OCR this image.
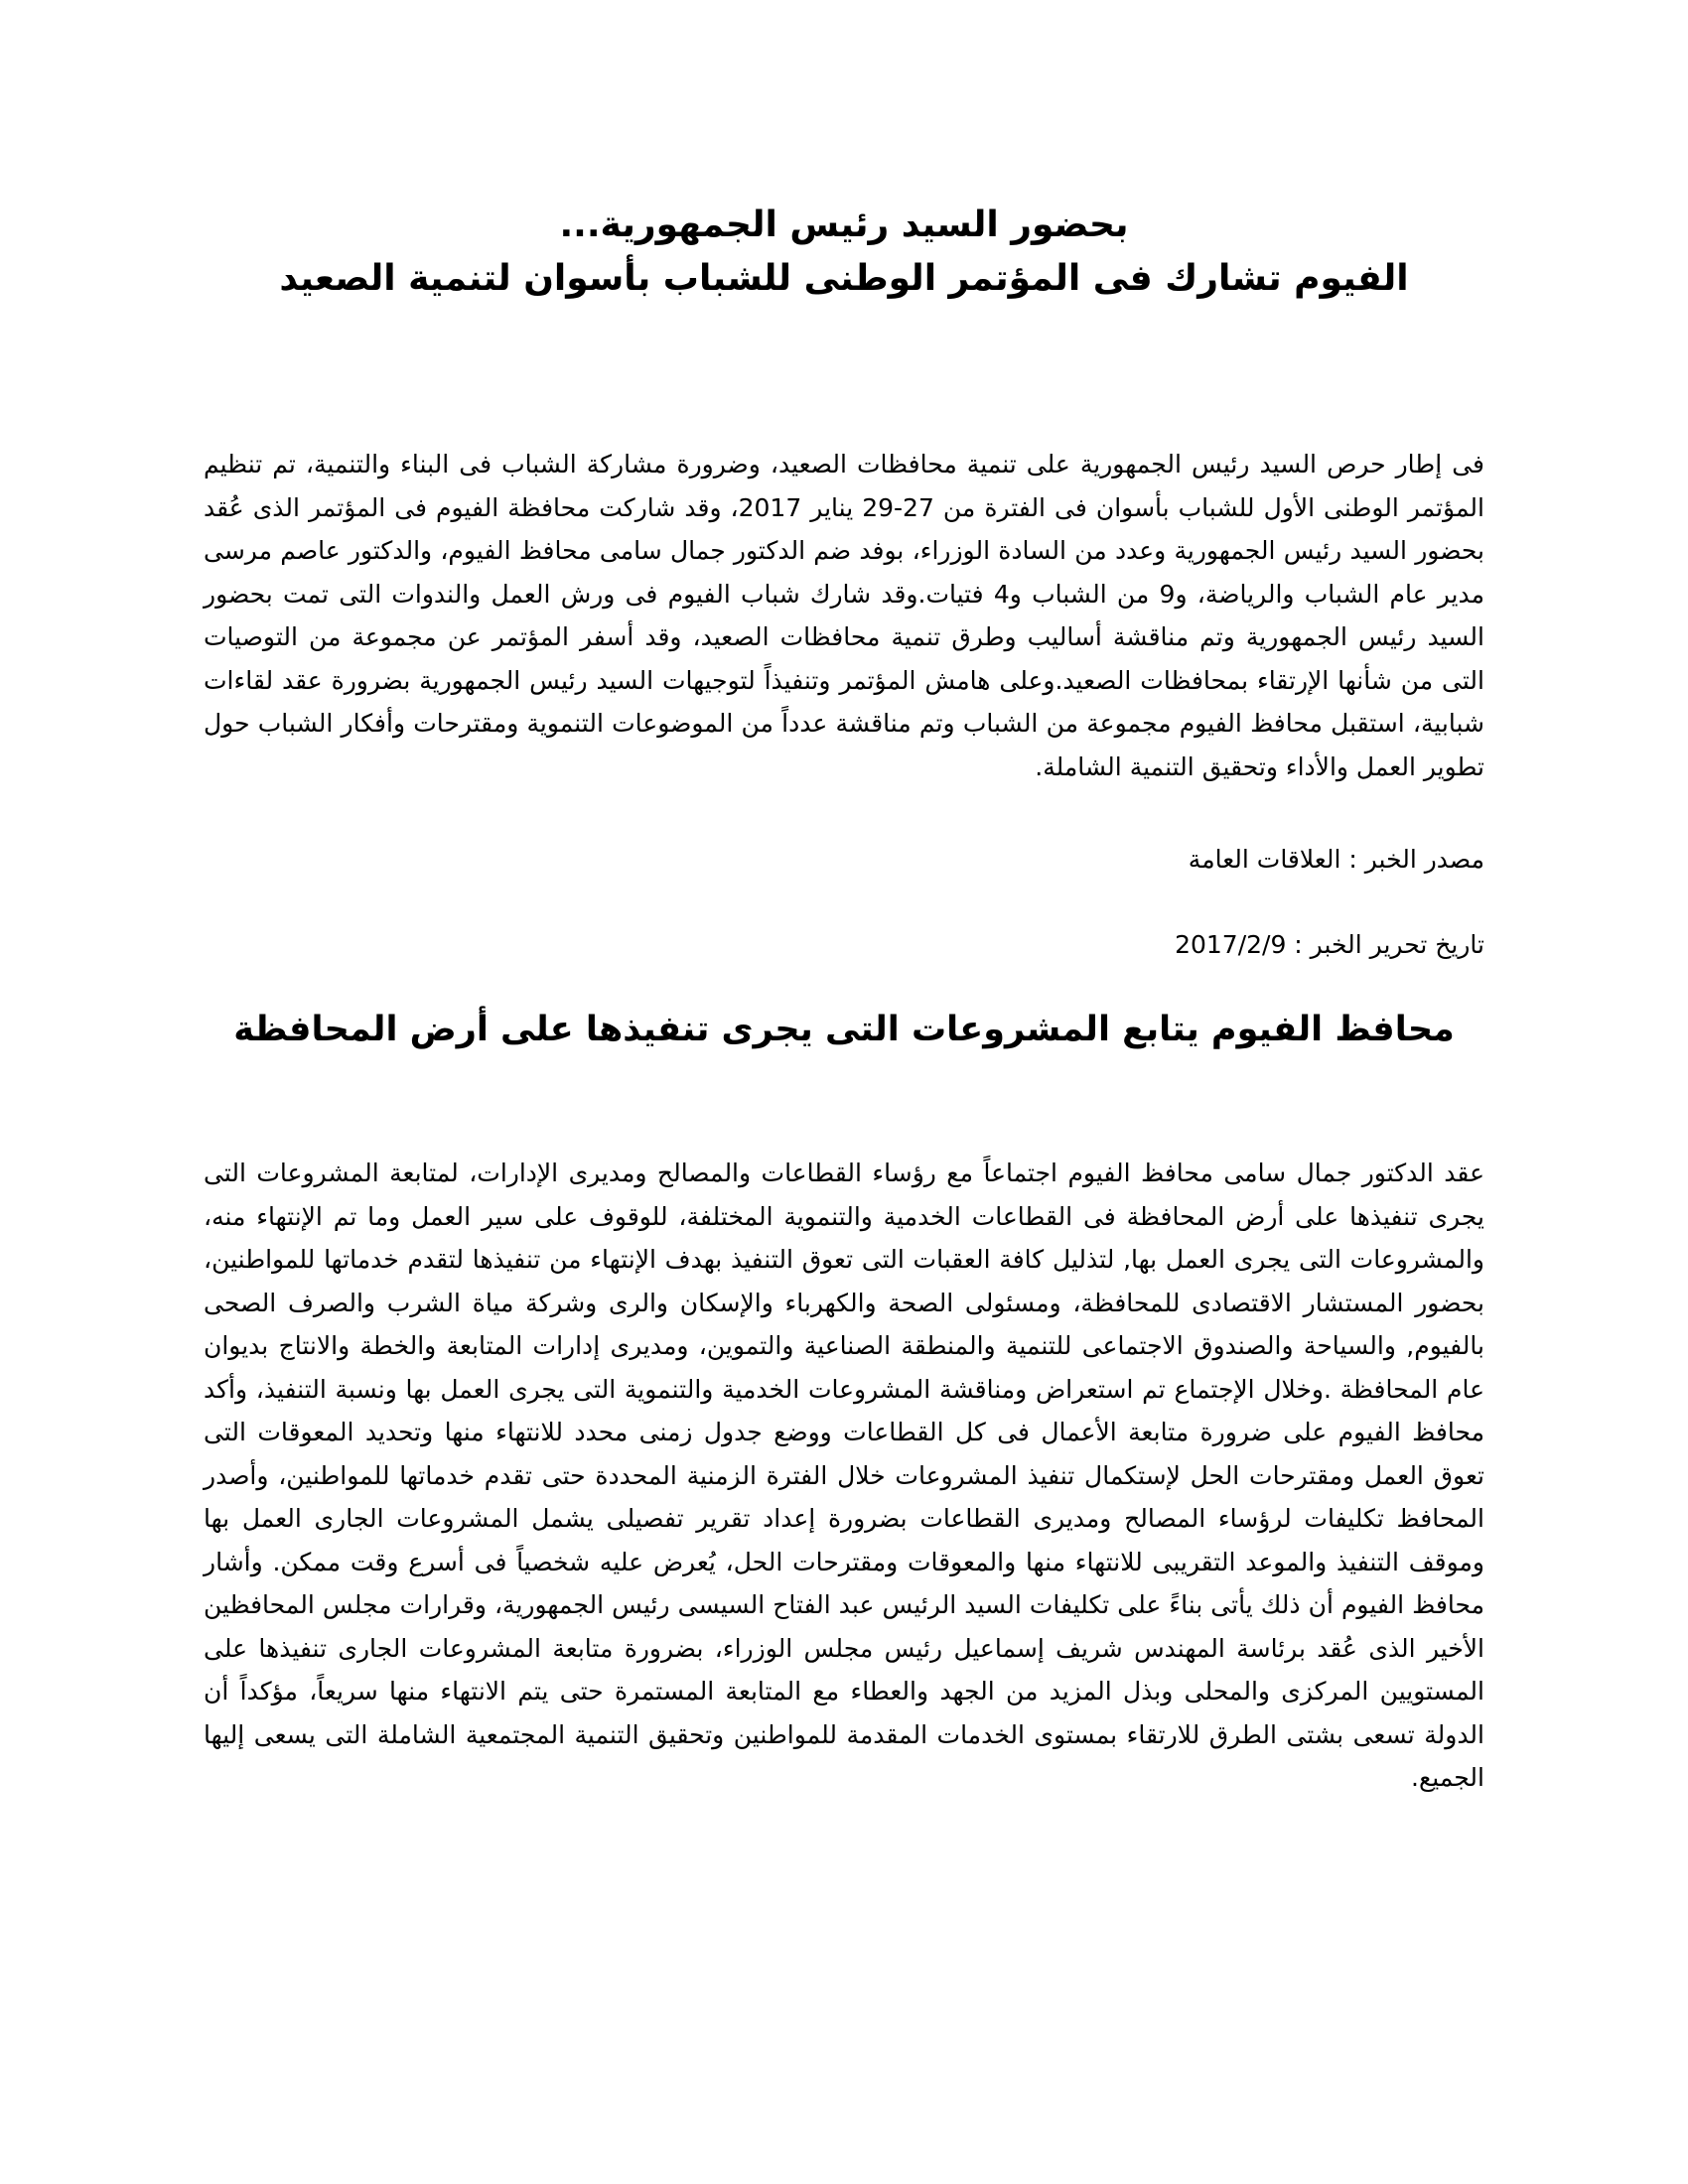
بحضور السيد رئيس الجمهورية...
الفيوم تشارك فى المؤتمر الوطنى للشباب بأسوان لتنمية الصعيد

فى إطار حرص السيد رئيس الجمهورية على تنمية محافظات الصعيد، وضرورة مشاركة الشباب فى البناء والتنمية، تم تنظيم المؤتمر الوطنى الأول للشباب بأسوان فى الفترة من 27-29 يناير 2017، وقد شاركت محافظة الفيوم فى المؤتمر الذى عُقد بحضور السيد رئيس الجمهورية وعدد من السادة الوزراء، بوفد ضم الدكتور جمال سامى محافظ الفيوم، والدكتور عاصم مرسى مدير عام الشباب والرياضة، و9 من الشباب و4 فتيات.وقد شارك شباب الفيوم فى ورش العمل والندوات التى تمت بحضور السيد رئيس الجمهورية وتم مناقشة أساليب وطرق تنمية محافظات الصعيد، وقد أسفر المؤتمر عن مجموعة من التوصيات التى من شأنها الإرتقاء بمحافظات الصعيد.وعلى هامش المؤتمر وتنفيذاً لتوجيهات السيد رئيس الجمهورية بضرورة عقد لقاءات شبابية، استقبل محافظ الفيوم مجموعة من الشباب وتم مناقشة عدداً من الموضوعات التنموية ومقترحات وأفكار الشباب حول تطوير العمل والأداء وتحقيق التنمية الشاملة.

مصدر الخبر : العلاقات العامة

تاريخ تحرير الخبر : 2017/2/9

محافظ الفيوم يتابع المشروعات التى يجرى تنفيذها على أرض المحافظة

عقد الدكتور جمال سامى محافظ الفيوم اجتماعاً مع رؤساء القطاعات والمصالح ومديرى الإدارات، لمتابعة المشروعات التى يجرى تنفيذها على أرض المحافظة فى القطاعات الخدمية والتنموية المختلفة، للوقوف على سير العمل وما تم الإنتهاء منه، والمشروعات التى يجرى العمل بها, لتذليل كافة العقبات التى تعوق التنفيذ بهدف الإنتهاء من تنفيذها لتقدم خدماتها للمواطنين، بحضور المستشار الاقتصادى للمحافظة، ومسئولى الصحة والكهرباء والإسكان والرى وشركة مياة الشرب والصرف الصحى بالفيوم, والسياحة والصندوق الاجتماعى للتنمية والمنطقة الصناعية والتموين، ومديرى إدارات المتابعة والخطة والانتاج بديوان عام المحافظة .وخلال الإجتماع تم استعراض ومناقشة المشروعات الخدمية والتنموية التى يجرى العمل بها ونسبة التنفيذ، وأكد محافظ الفيوم على ضرورة متابعة الأعمال فى كل القطاعات ووضع جدول زمنى محدد للانتهاء منها وتحديد المعوقات التى تعوق العمل ومقترحات الحل لإستكمال تنفيذ المشروعات خلال الفترة الزمنية المحددة حتى تقدم خدماتها للمواطنين، وأصدر المحافظ تكليفات لرؤساء المصالح ومديرى القطاعات بضرورة إعداد تقرير تفصيلى يشمل المشروعات الجارى العمل بها وموقف التنفيذ والموعد التقريبى للانتهاء منها والمعوقات ومقترحات الحل، يُعرض عليه شخصياً فى أسرع وقت ممكن. وأشار محافظ الفيوم أن ذلك يأتى بناءً على تكليفات السيد الرئيس عبد الفتاح السيسى رئيس الجمهورية، وقرارات مجلس المحافظين الأخير الذى عُقد برئاسة المهندس شريف إسماعيل رئيس مجلس الوزراء، بضرورة متابعة المشروعات الجارى تنفيذها على المستويين المركزى والمحلى وبذل المزيد من الجهد والعطاء مع المتابعة المستمرة حتى يتم الانتهاء منها سريعاً، مؤكداً أن الدولة تسعى بشتى الطرق للارتقاء بمستوى الخدمات المقدمة للمواطنين وتحقيق التنمية المجتمعية الشاملة التى يسعى إليها الجميع.
